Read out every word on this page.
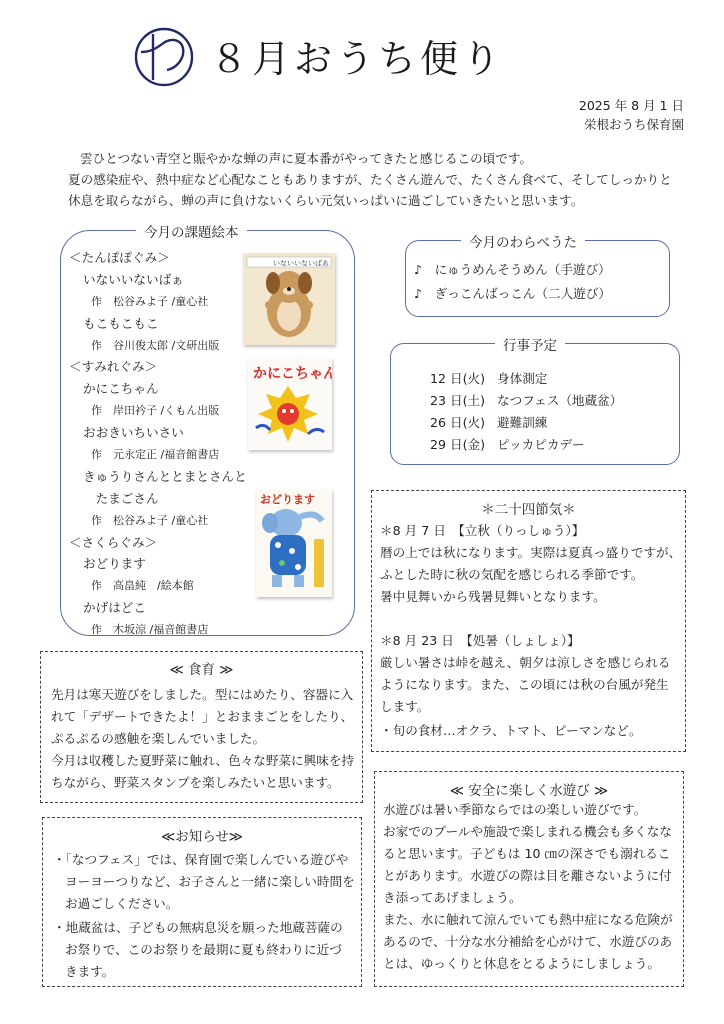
８月おうち便り
2025 年 8 月 1 日
栄根おうち保育園

雲ひとつない青空と賑やかな蝉の声に夏本番がやってきたと感じるこの頃です。

夏の感染症や、熱中症など心配なこともありますが、たくさん遊んで、たくさん食べて、そしてしっかりと

休息を取らながら、蝉の声に負けないくらい元気いっぱいに過ごしていきたいと思います。

今月の課題絵本
＜たんぽぽぐみ＞
いないいないばぁ
作　松谷みよ子 /童心社
もこもこもこ
作　谷川俊太郎 /文研出版
＜すみれぐみ＞
かにこちゃん
作　岸田衿子 /くもん出版
おおきいちいさい
作　元永定正 /福音館書店
きゅうりさんととまとさんと
　たまごさん
作　松谷みよ子 /童心社
＜さくらぐみ＞
おどります
作　高畠純　/絵本館
かげはどこ
作　木坂涼 /福音館書店
いないいないばあ
かにこちゃん
おどります
今月のわらべうた
♪　にゅうめんそうめん（手遊び）
♪　ぎっこんばっこん（二人遊び）
行事予定
12 日(火) 身体測定
23 日(土) なつフェス（地蔵盆）
26 日(火) 避難訓練
29 日(金) ピッカピカデー
＊二十四節気＊
＊8 月 7 日　【立秋（りっしゅう）】
暦の上では秋になります。実際は夏真っ盛りですが、
ふとした時に秋の気配を感じられる季節です。
暑中見舞いから残暑見舞いとなります。
＊8 月 23 日　【処暑（しょしょ）】
厳しい暑さは峠を越え、朝夕は涼しさを感じられる
ようになります。また、この頃には秋の台風が発生
します。
・旬の食材…オクラ、トマト、ピーマンなど。
≪ 食育 ≫
先月は寒天遊びをしました。型にはめたり、容器に入
れて「デザートできたよ！」とおままごとをしたり、
ぷるぷるの感触を楽しんでいました。
今月は収穫した夏野菜に触れ、色々な野菜に興味を持
ちながら、野菜スタンプを楽しみたいと思います。
≪お知らせ≫
・「なつフェス」では、保育園で楽しんでいる遊びや
ヨーヨーつりなど、お子さんと一緒に楽しい時間を
お過ごしください。
・地蔵盆は、子どもの無病息災を願った地蔵菩薩の
お祭りで、このお祭りを最期に夏も終わりに近づ
きます。
≪ 安全に楽しく水遊び ≫
水遊びは暑い季節ならではの楽しい遊びです。
お家でのプールや施設で楽しまれる機会も多くなな
ると思います。子どもは 10 ㎝の深さでも溺れるこ
とがあります。水遊びの際は目を離さないように付
き添ってあげましょう。
また、水に触れて涼んでいても熱中症になる危険が
あるので、十分な水分補給を心がけて、水遊びのあ
とは、ゆっくりと休息をとるようにしましょう。
